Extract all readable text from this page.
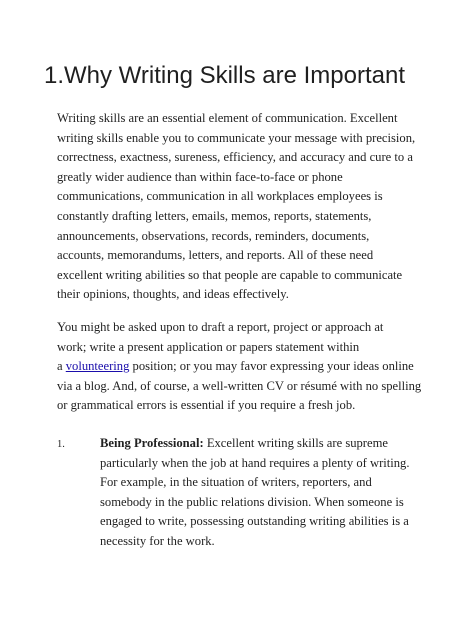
1.Why Writing Skills are Important

Writing skills are an essential element of communication. Excellent
writing skills enable you to communicate your message with precision,
correctness, exactness, sureness, efficiency, and accuracy and cure to a
greatly wider audience than within face-to-face or phone
communications, communication in all workplaces employees is
constantly drafting letters, emails, memos, reports, statements,
announcements, observations, records, reminders, documents,
accounts, memorandums, letters, and reports. All of these need
excellent writing abilities so that people are capable to communicate
their opinions, thoughts, and ideas effectively.

You might be asked upon to draft a report, project or approach at
work; write a present application or papers statement within
a volunteering position; or you may favor expressing your ideas online
via a blog. And, of course, a well-written CV or résumé with no spelling
or grammatical errors is essential if you require a fresh job.

1.	Being Professional: Excellent writing skills are supreme
particularly when the job at hand requires a plenty of writing.
For example, in the situation of writers, reporters, and
somebody in the public relations division. When someone is
engaged to write, possessing outstanding writing abilities is a
necessity for the work.
